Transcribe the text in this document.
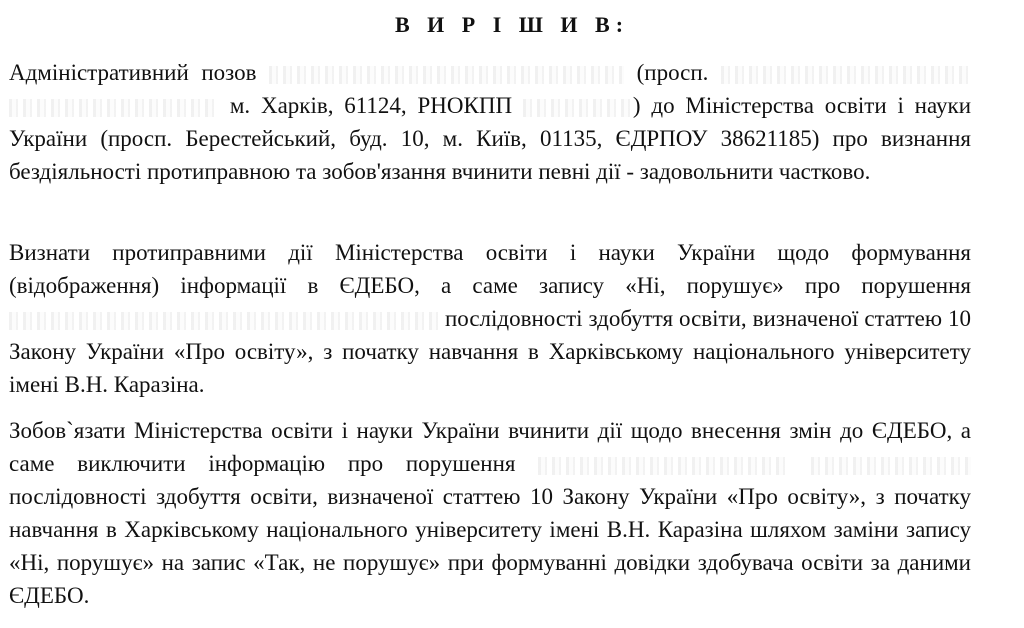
В И Р І Ш И В:
Адміністративний позов	(просп.   м. Харків, 61124, РНОКПП	) до Міністерства освіти і науки України (просп. Берестейський, буд. 10, м. Київ, 01135, ЄДРПОУ 38621185) про визнання бездіяльності протиправною та зобов'язання вчинити певні дії - задовольнити частково.
Визнати протиправними дії Міністерства освіти і науки України щодо формування (відображення) інформації в ЄДЕБО, а саме запису «Ні, порушує» про порушення  послідовності здобуття освіти, визначеної статтею 10 Закону України «Про освіту», з початку навчання в Харківському національного університету імені В.Н. Каразіна.
Зобов`язати Міністерства освіти і науки України вчинити дії щодо внесення змін до ЄДЕБО, а саме виключити інформацію про порушення   послідовності здобуття освіти, визначеної статтею 10 Закону України «Про освіту», з початку навчання в Харківському національного університету імені В.Н. Каразіна шляхом заміни запису «Ні, порушує» на запис «Так, не порушує» при формуванні довідки здобувача освіти за даними ЄДЕБО.
